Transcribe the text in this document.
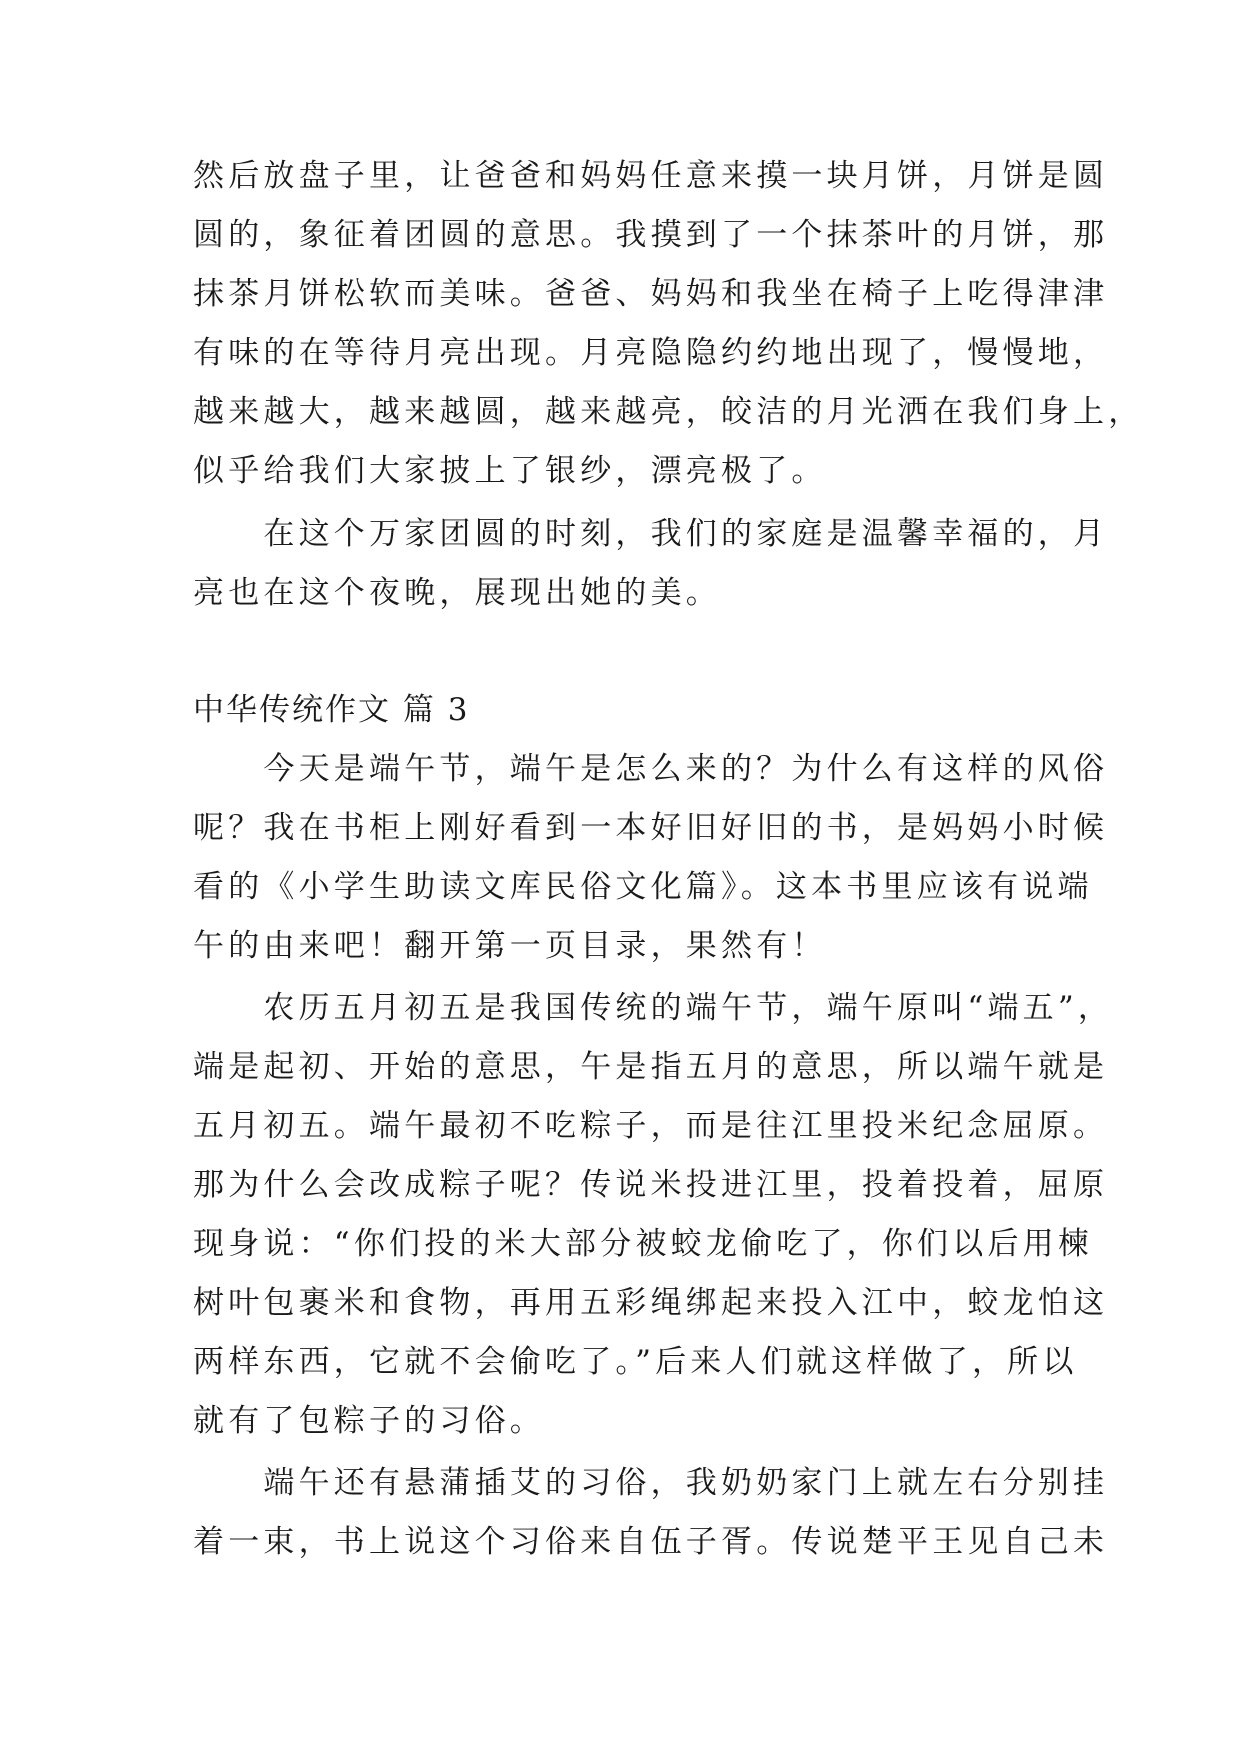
然后放盘子里，让爸爸和妈妈任意来摸一块月饼，月饼是圆
圆的，象征着团圆的意思。我摸到了一个抹茶叶的月饼，那
抹茶月饼松软而美味。爸爸、妈妈和我坐在椅子上吃得津津
有味的在等待月亮出现。月亮隐隐约约地出现了，慢慢地，
越来越大，越来越圆，越来越亮，皎洁的月光洒在我们身上，
似乎给我们大家披上了银纱，漂亮极了。
　　在这个万家团圆的时刻，我们的家庭是温馨幸福的，月
亮也在这个夜晚，展现出她的美。
中华传统作文 篇 3
　　今天是端午节，端午是怎么来的？为什么有这样的风俗
呢？我在书柜上刚好看到一本好旧好旧的书，是妈妈小时候
看的《小学生助读文库民俗文化篇》。这本书里应该有说端
午的由来吧！翻开第一页目录，果然有！
　　农历五月初五是我国传统的端午节，端午原叫“端五”，
端是起初、开始的意思，午是指五月的意思，所以端午就是
五月初五。端午最初不吃粽子，而是往江里投米纪念屈原。
那为什么会改成粽子呢？传说米投进江里，投着投着，屈原
现身说：“你们投的米大部分被蛟龙偷吃了，你们以后用楝
树叶包裹米和食物，再用五彩绳绑起来投入江中，蛟龙怕这
两样东西，它就不会偷吃了。”后来人们就这样做了，所以
就有了包粽子的习俗。
　　端午还有悬蒲插艾的习俗，我奶奶家门上就左右分别挂
着一束，书上说这个习俗来自伍子胥。传说楚平王见自己未
